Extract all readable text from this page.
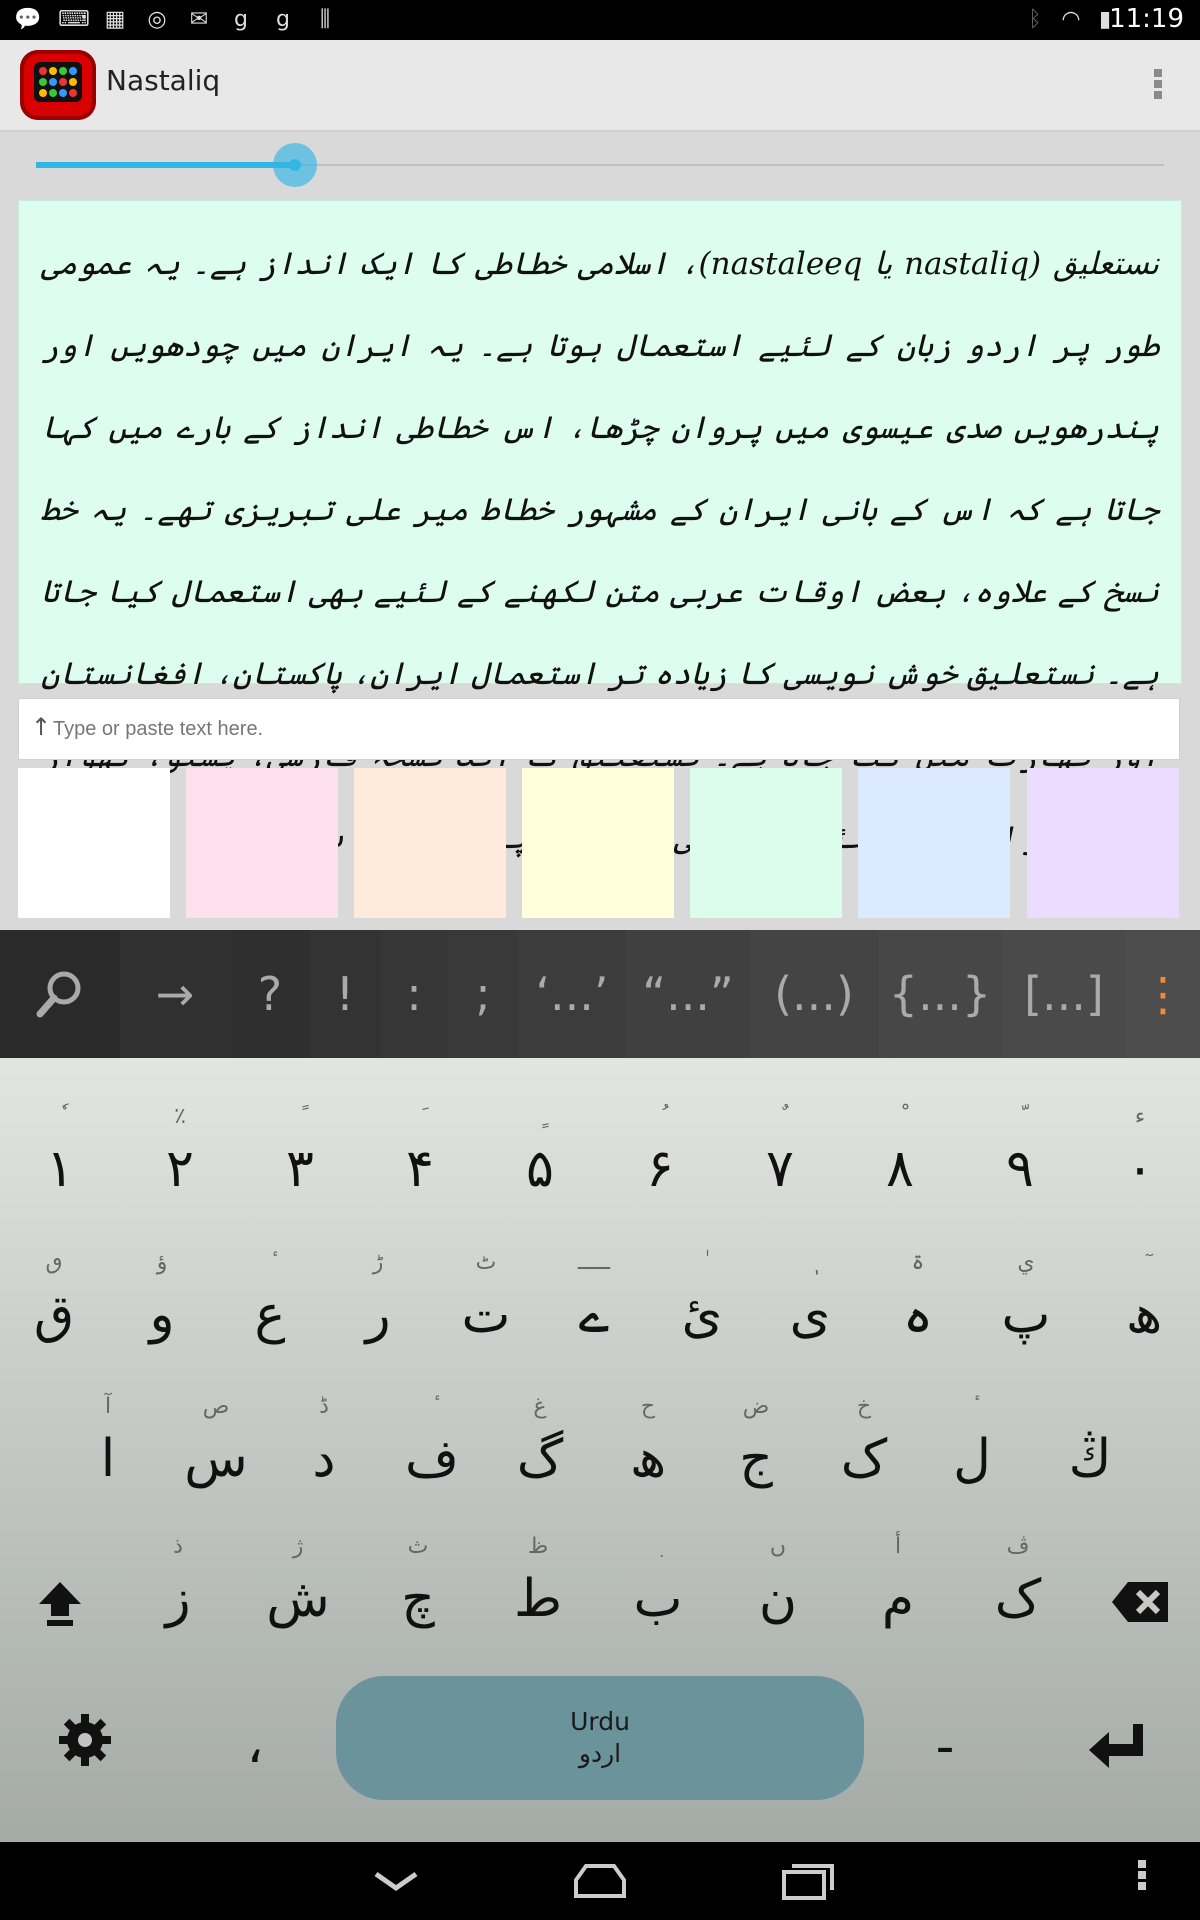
💬 ⌨ ▦ ◎ ✉ g g	⫼	ᛒ ◠ ▮
11:19
Nastaliq
نستعلیق (nastaliq یا nastaleeq)، اسلامی خطاطی کا ایک انداز ہے۔ یہ عمومی طور پر اردو زبان کے لئیے استعمال ہوتا ہے۔ یہ ایران میں چودھویں اور پندرھویں صدی عیسوی میں پروان چڑھا، اس خطاطی انداز کے بارے میں کہا جاتا ہے کہ اس کے بانی ایران کے مشہور خطاط میر علی تبریزی تھے۔ یہ خط نسخ کے علاوہ، بعض اوقات عربی متن لکھنے کے لئیے بھی استعمال کیا جاتا ہے۔ نستعلیق خوش نویسی کا زیادہ تر استعمال ایران، پاکستان، افغانستان پر
↑
Type or paste text here.
→	?	!	:	; ‘...’ “...” (...) {...} [...] ⋮
۱
٪
۲	۳	۴	۵	۶	۷	۸	۹
ء
۰
ٯ
ق
ؤ
و	ع
ڑ
ر
ٹ
ت
ـــــ
ے	ئ	ی
ۃ
ہ
ي
پ	ھ
آ
ا
ص
س
ڈ
د	ف
غ
گ
ح
ھ
ض
ج
خ
ک	ل	ڭ
ذ
ز
ژ
ش
ث
چ
ظ
ط	ب
ں
ن
أ
م
ڤ
ک
،	Urdu
اردو	-
